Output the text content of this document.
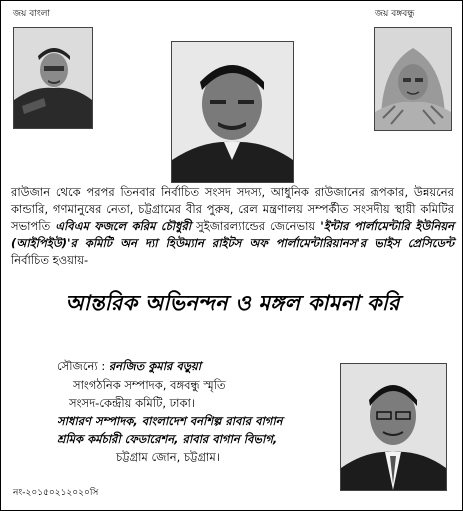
জয় বাংলা	জয় বঙ্গবন্ধু
রাউজান থেকে পরপর তিনবার নির্বাচিত সংসদ সদস্য, আধুনিক রাউজানের রূপকার, উন্নয়নের কান্ডারি, গণমানুষের নেতা, চট্টগ্রামের বীর পুরুষ, রেল মন্ত্রণালয় সম্পর্কীত সংসদীয় স্থায়ী কমিটির সভাপতি এবিএম ফজলে করিম চৌধুরী সুইজারল্যান্ডের জেনেভায় 'ইন্টার পার্লামেন্টারি ইউনিয়ন (আইপিইউ)'র কমিটি অন দ্যা হিউম্যান রাইটস অফ পার্লামেন্টারিয়ানস'র ভাইস প্রেসিডেন্ট নির্বাচিত হওয়ায়-
আন্তরিক অভিনন্দন ও মঙ্গল কামনা করি
সৌজন্যে : রনজিত কুমার বড়ুয়া
সাংগঠনিক সম্পাদক, বঙ্গবন্ধু স্মৃতি
সংসদ-কেন্দ্রীয় কমিটি, ঢাকা।
সাধারণ সম্পাদক, বাংলাদেশ বনশিল্প রাবার বাগান
শ্রমিক কর্মচারী ফেডারেশন, রাবার বাগান বিভাগ,
চট্টগ্রাম জোন, চট্টগ্রাম।
নং-২০১৫০২১২০২০সি
